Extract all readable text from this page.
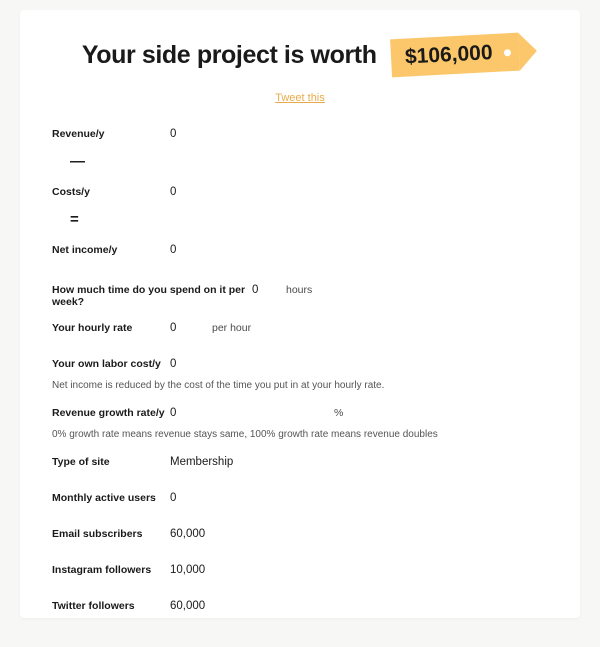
Your side project is worth	$106,000
Tweet this
Revenue/y	0
—
Costs/y	0
=
Net income/y	0
How much time do you spend on it per week?
0	hours
Your hourly rate	0	per hour
Your own labor cost/y 0
Net income is reduced by the cost of the time you put in at your hourly rate.
Revenue growth rate/y 0	%
0% growth rate means revenue stays same, 100% growth rate means revenue doubles
Type of site	Membership
Monthly active users	0
Email subscribers	60,000
Instagram followers	10,000
Twitter followers	60,000
